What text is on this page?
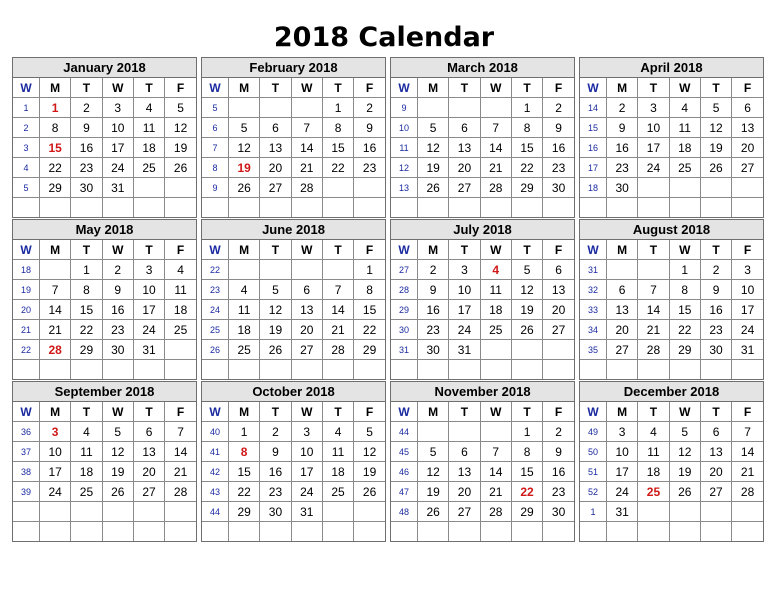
2018 Calendar
January 2018
W	M	T	W	T	F
1	1	2	3	4	5
2	8	9	10	11	12
3	15	16	17	18	19
4	22	23	24	25	26
5	29	30	31		

February 2018
W	M	T	W	T	F
5				1	2
6	5	6	7	8	9
7	12	13	14	15	16
8	19	20	21	22	23
9	26	27	28		

March 2018
W	M	T	W	T	F
9				1	2
10	5	6	7	8	9
11	12	13	14	15	16
12	19	20	21	22	23
13	26	27	28	29	30

April 2018
W	M	T	W	T	F
14	2	3	4	5	6
15	9	10	11	12	13
16	16	17	18	19	20
17	23	24	25	26	27
18	30				

May 2018
W	M	T	W	T	F
18		1	2	3	4
19	7	8	9	10	11
20	14	15	16	17	18
21	21	22	23	24	25
22	28	29	30	31	

June 2018
W	M	T	W	T	F
22					1
23	4	5	6	7	8
24	11	12	13	14	15
25	18	19	20	21	22
26	25	26	27	28	29

July 2018
W	M	T	W	T	F
27	2	3	4	5	6
28	9	10	11	12	13
29	16	17	18	19	20
30	23	24	25	26	27
31	30	31			

August 2018
W	M	T	W	T	F
31			1	2	3
32	6	7	8	9	10
33	13	14	15	16	17
34	20	21	22	23	24
35	27	28	29	30	31

September 2018
W	M	T	W	T	F
36	3	4	5	6	7
37	10	11	12	13	14
38	17	18	19	20	21
39	24	25	26	27	28

October 2018
W	M	T	W	T	F
40	1	2	3	4	5
41	8	9	10	11	12
42	15	16	17	18	19
43	22	23	24	25	26
44	29	30	31		

November 2018
W	M	T	W	T	F
44				1	2
45	5	6	7	8	9
46	12	13	14	15	16
47	19	20	21	22	23
48	26	27	28	29	30

December 2018
W	M	T	W	T	F
49	3	4	5	6	7
50	10	11	12	13	14
51	17	18	19	20	21
52	24	25	26	27	28
1	31				
